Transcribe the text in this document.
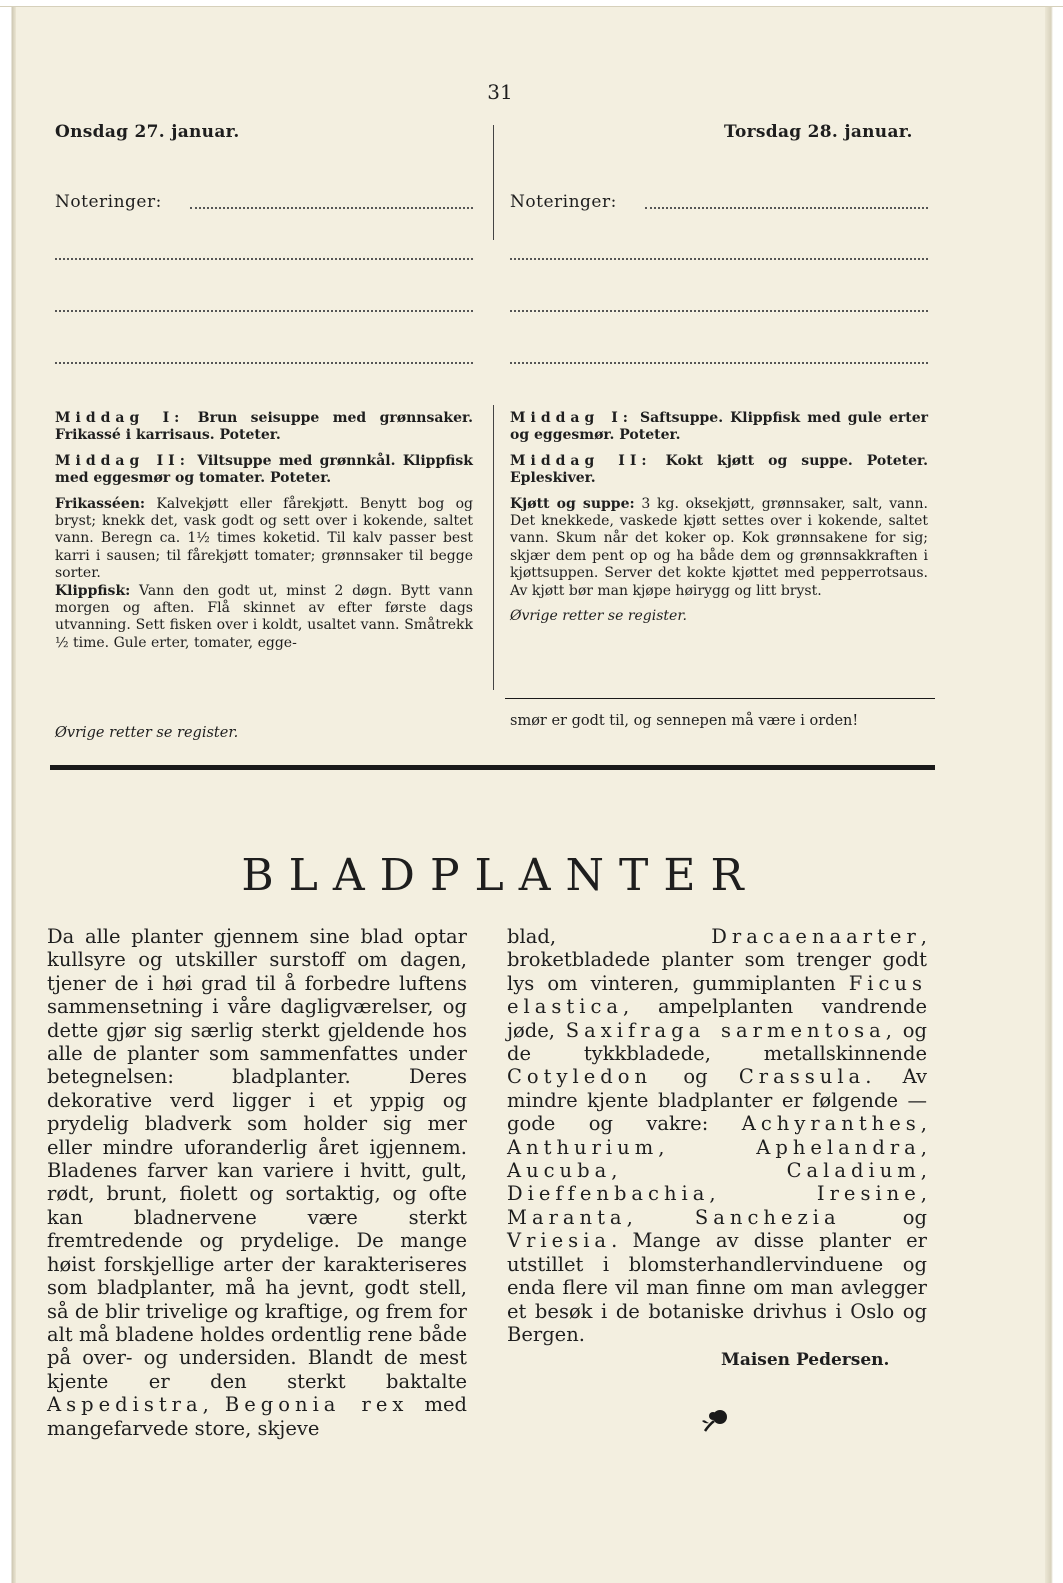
31
Onsdag 27. januar.	Torsdag 28. januar.
Noteringer:	Noteringer:

Middag I: Brun seisuppe med grønnsaker. Frikassé i karrisaus. Poteter.

Middag II: Viltsuppe med grønnkål. Klippfisk med eggesmør og tomater. Poteter.

Frikasséen: Kalvekjøtt eller fårekjøtt. Benytt bog og bryst; knekk det, vask godt og sett over i kokende, saltet vann. Beregn ca. 1½ times koketid. Til kalv passer best karri i sausen; til fårekjøtt tomater; grønnsaker til begge sorter.

Klippfisk: Vann den godt ut, minst 2 døgn. Bytt vann morgen og aften. Flå skinnet av efter første dags utvanning. Sett fisken over i koldt, usaltet vann. Småtrekk ½ time. Gule erter, tomater, egge-

Øvrige retter se register.

Middag I: Saftsuppe. Klippfisk med gule erter og eggesmør. Poteter.

Middag II: Kokt kjøtt og suppe. Poteter. Epleskiver.

Kjøtt og suppe: 3 kg. oksekjøtt, grønnsaker, salt, vann. Det knekkede, vaskede kjøtt settes over i kokende, saltet vann. Skum når det koker op. Kok grønnsakene for sig; skjær dem pent op og ha både dem og grønnsakkraften i kjøttsuppen. Server det kokte kjøttet med pepperrotsaus. Av kjøtt bør man kjøpe høirygg og litt bryst.

Øvrige retter se register.

smør er godt til, og sennepen må være i orden!
BLADPLANTER
Da alle planter gjennem sine blad optar kullsyre og utskiller surstoff om dagen, tjener de i høi grad til å forbedre luftens sammensetning i våre dagligværelser, og dette gjør sig særlig sterkt gjeldende hos alle de planter som sammenfattes under betegnelsen: bladplanter. Deres dekorative verd ligger i et yppig og prydelig bladverk som holder sig mer eller mindre uforanderlig året igjennem. Bladenes farver kan variere i hvitt, gult, rødt, brunt, fiolett og sortaktig, og ofte kan bladnervene være sterkt fremtredende og prydelige. De mange høist forskjellige arter der karakteriseres som bladplanter, må ha jevnt, godt stell, så de blir trivelige og kraftige, og frem for alt må bladene holdes ordentlig rene både på over- og undersiden. Blandt de mest kjente er den sterkt baktalte Aspedistra, Begonia rex med mangefarvede store, skjeve
blad, Dracaenaarter, broketbladede planter som trenger godt lys om vinteren, gummiplanten Ficus elastica, ampelplanten vandrende jøde, Saxifraga sarmentosa, og de tykkbladede, metallskinnende Cotyledon og Crassula. Av mindre kjente bladplanter er følgende — gode og vakre: Achyranthes, Anthurium, Aphelandra, Aucuba, Caladium, Dieffenbachia, Iresine, Maranta, Sanchezia og Vriesia. Mange av disse planter er utstillet i blomsterhandlervinduene og enda flere vil man finne om man avlegger et besøk i de botaniske drivhus i Oslo og Bergen.
Maisen Pedersen.
